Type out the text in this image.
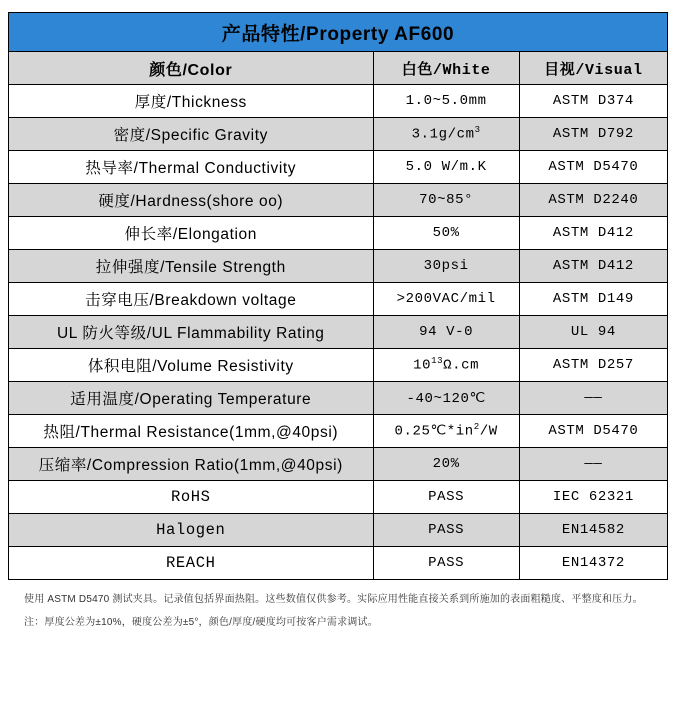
产品特性/Property AF600		
颜色/Color	白色/White	目视/Visual
厚度/Thickness	1.0~5.0mm	ASTM D374
密度/Specific Gravity	$3.1g/cm^3$	ASTM D792
热导率/Thermal Conductivity	5.0 W/m.K	ASTM D5470
硬度/Hardness(shore oo)	70~85°	ASTM D2240
伸长率/Elongation	50%	ASTM D412
拉伸强度/Tensile Strength	30psi	ASTM D412
击穿电压/Breakdown voltage	>200VAC/mil	ASTM D149
UL 防火等级/UL Flammability Rating	94 V-0	UL 94
体积电阻/Volume Resistivity	$10^{13}\Omega.cm$	ASTM D257
适用温度/Operating Temperature	-40~120℃	——
热阻/Thermal Resistance(1mm,@40psi)	$0.25℃*in^2/W$	ASTM D5470
压缩率/Compression Ratio(1mm,@40psi)	20%	——
RoHS	PASS	IEC 62321
Halogen	PASS	EN14582
REACH	PASS	EN14372
使用 ASTM D5470 测试夹具。记录值包括界面热阻。这些数值仅供参考。实际应用性能直接关系到所施加的表面粗糙度、平整度和压力。
注：厚度公差为±10%，硬度公差为±5°，颜色/厚度/硬度均可按客户需求调试。
